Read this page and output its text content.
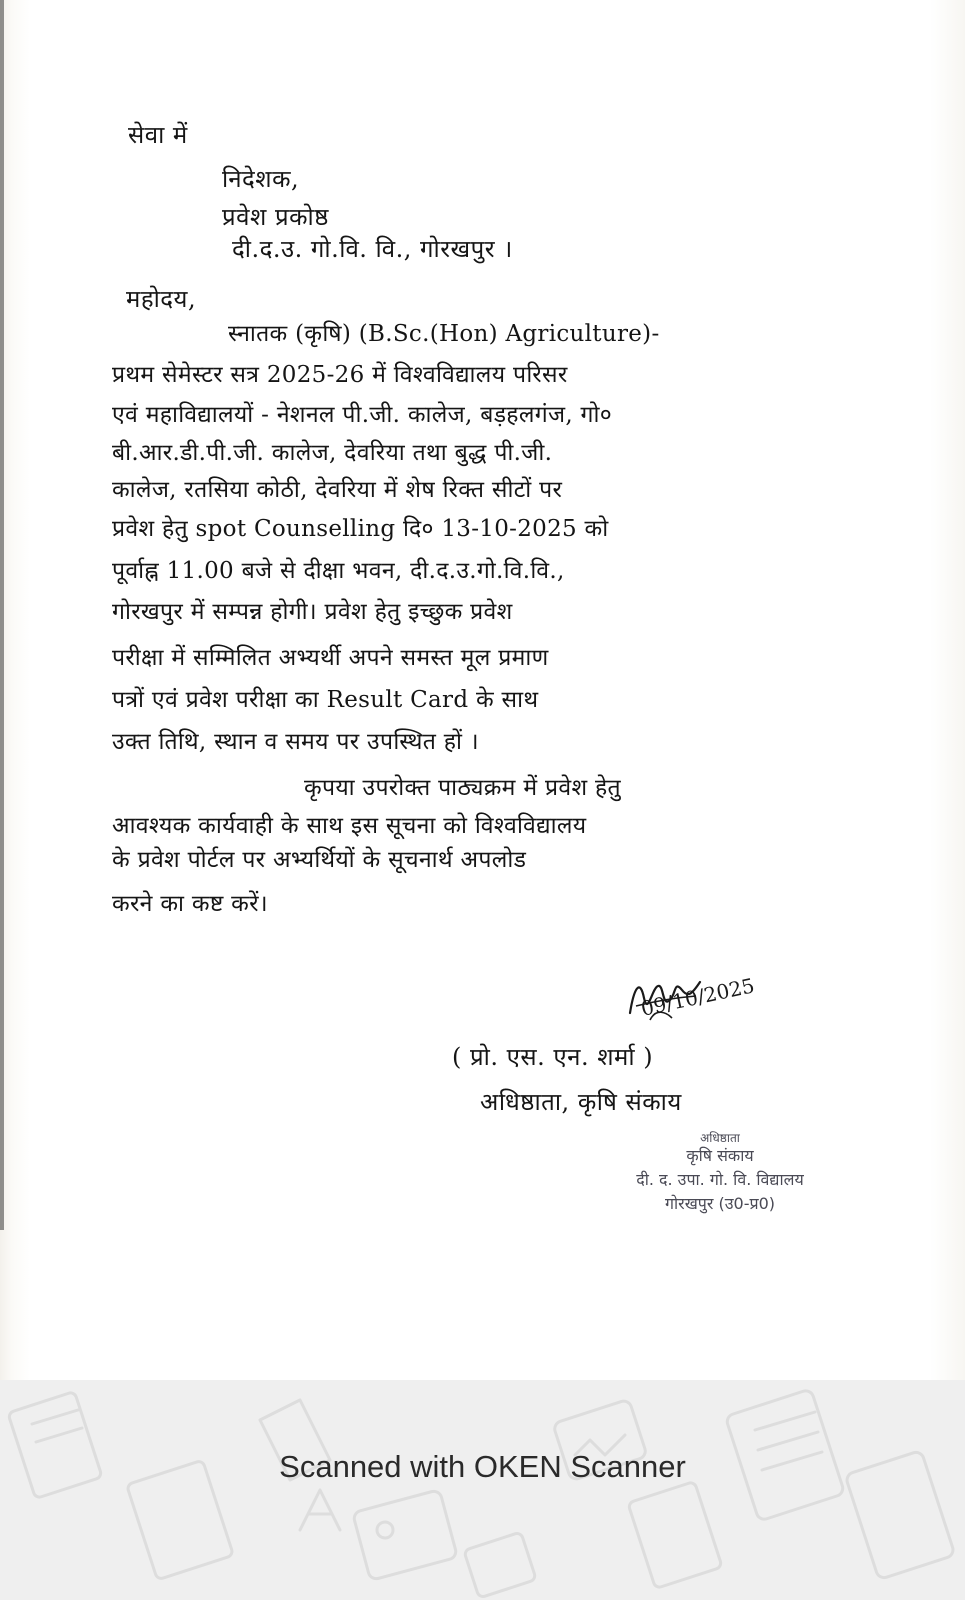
सेवा में
निदेशक,
प्रवेश प्रकोष्ठ
दी.द.उ. गो.वि. वि., गोरखपुर ।
महोदय,
स्नातक (कृषि) (B.Sc.(Hon) Agriculture)-
प्रथम सेमेस्टर सत्र 2025-26 में विश्वविद्यालय परिसर
एवं महाविद्यालयों - नेशनल पी.जी. कालेज, बड़हलगंज, गो०
बी.आर.डी.पी.जी. कालेज, देवरिया तथा बुद्ध पी.जी.
कालेज, रतसिया कोठी, देवरिया में शेष रिक्त सीटों पर
प्रवेश हेतु spot Counselling दि० 13-10-2025 को
पूर्वाह्न 11.00 बजे से दीक्षा भवन, दी.द.उ.गो.वि.वि.,
गोरखपुर में सम्पन्न होगी। प्रवेश हेतु इच्छुक प्रवेश
परीक्षा में सम्मिलित अभ्यर्थी अपने समस्त मूल प्रमाण
पत्रों एवं प्रवेश परीक्षा का Result Card के साथ
उक्त तिथि, स्थान व समय पर उपस्थित हों ।
कृपया उपरोक्त पाठ्यक्रम में प्रवेश हेतु
आवश्यक कार्यवाही के साथ इस सूचना को विश्वविद्यालय
के प्रवेश पोर्टल पर अभ्यर्थियों के सूचनार्थ अपलोड
करने का कष्ट करें।
09/10/2025
( प्रो. एस. एन. शर्मा )
अधिष्ठाता, कृषि संकाय
अधिष्ठाता
कृषि संकाय
दी. द. उपा. गो. वि. विद्यालय
गोरखपुर (उ0-प्र0)
Scanned with OKEN Scanner
